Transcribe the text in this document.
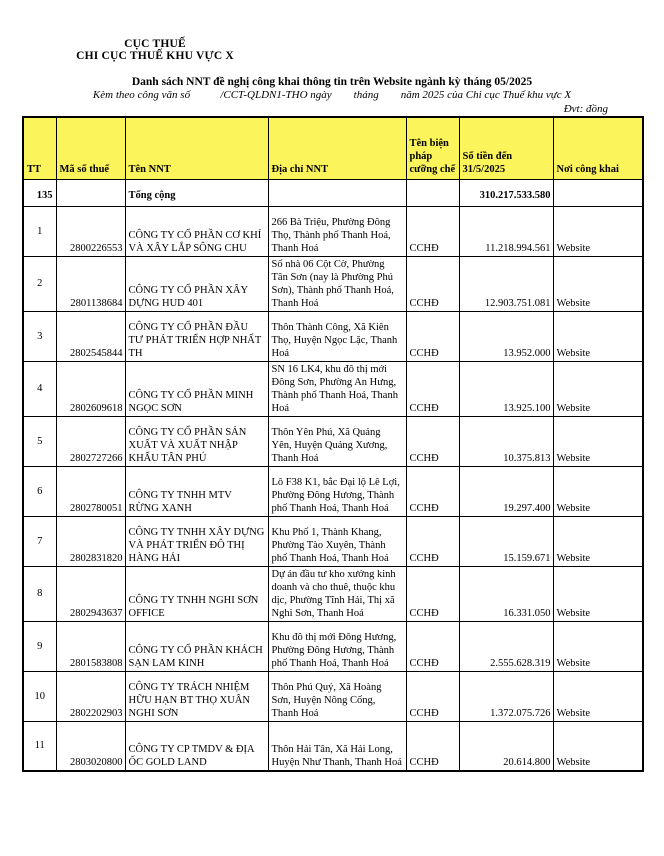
CỤC THUẾ
CHI CỤC THUẾ KHU VỰC X
Danh sách NNT đề nghị công khai thông tin trên Website ngành kỳ tháng 05/2025
Kèm theo công văn số           /CCT-QLDN1-THO ngày        tháng        năm 2025 của Chi cục Thuế khu vực X
Đvt: đồng
TT	Mã số thuế	Tên NNT	Địa chỉ NNT	Tên biện pháp cưỡng chế	Số tiền đến 31/5/2025	Nơi công khai
135		Tổng cộng			310.217.533.580	
1	2800226553	CÔNG TY CỔ PHẦN CƠ KHÍ VÀ XÂY LẮP SÔNG CHU	266 Bà Triệu, Phường Đông Thọ, Thành phố Thanh Hoá, Thanh Hoá	CCHĐ	11.218.994.561	Website
2	2801138684	CÔNG TY CỔ PHẦN XÂY DỰNG HUD 401	Số nhà 06 Cột Cờ, Phường Tân Sơn (nay là Phường Phú Sơn), Thành phố Thanh Hoá, Thanh Hoá	CCHĐ	12.903.751.081	Website
3	2802545844	CÔNG TY CỔ PHẦN ĐẦU TƯ PHÁT TRIỂN HỢP NHẤT TH	Thôn Thành Công, Xã Kiên Thọ, Huyện Ngọc Lặc, Thanh Hoá	CCHĐ	13.952.000	Website
4	2802609618	CÔNG TY CỔ PHẦN MINH NGỌC SƠN	SN 16 LK4, khu đô thị mới Đông Sơn, Phường An Hưng, Thành phố Thanh Hoá, Thanh Hoá	CCHĐ	13.925.100	Website
5	2802727266	CÔNG TY CỔ PHẦN SẢN XUẤT VÀ XUẤT NHẬP KHẨU TÂN PHÚ	Thôn Yên Phú, Xã Quảng Yên, Huyện Quảng Xương, Thanh Hoá	CCHĐ	10.375.813	Website
6	2802780051	CÔNG TY TNHH MTV RỪNG XANH	Lô F38 K1, bắc Đại lộ Lê Lợi, Phường Đông Hương, Thành phố Thanh Hoá, Thanh Hoá	CCHĐ	19.297.400	Website
7	2802831820	CÔNG TY TNHH XÂY DỰNG VÀ PHÁT TRIỂN ĐÔ THỊ HÀNG HẢI	Khu Phố 1, Thành Khang, Phường Tào Xuyên, Thành phố Thanh Hoá, Thanh Hoá	CCHĐ	15.159.671	Website
8	2802943637	CÔNG TY TNHH NGHI SƠN OFFICE	Dự án đầu tư kho xưởng kinh doanh và cho thuê, thuộc khu dịc, Phường Tĩnh Hải, Thị xã Nghi Sơn, Thanh Hoá	CCHĐ	16.331.050	Website
9	2801583808	CÔNG TY CỔ PHẦN KHÁCH SẠN LAM KINH	Khu đô thị mới Đông Hương, Phường Đông Hương, Thành phố Thanh Hoá, Thanh Hoá	CCHĐ	2.555.628.319	Website
10	2802202903	CÔNG TY TRÁCH NHIỆM HỮU HẠN BT THỌ XUÂN NGHI SƠN	Thôn Phú Quý, Xã Hoàng Sơn, Huyện Nông Cống, Thanh Hoá	CCHĐ	1.372.075.726	Website
11	2803020800	CÔNG TY CP TMDV & ĐỊA ỐC GOLD LAND	Thôn Hải Tân, Xã Hải Long, Huyện Như Thanh, Thanh Hoá	CCHĐ	20.614.800	Website
